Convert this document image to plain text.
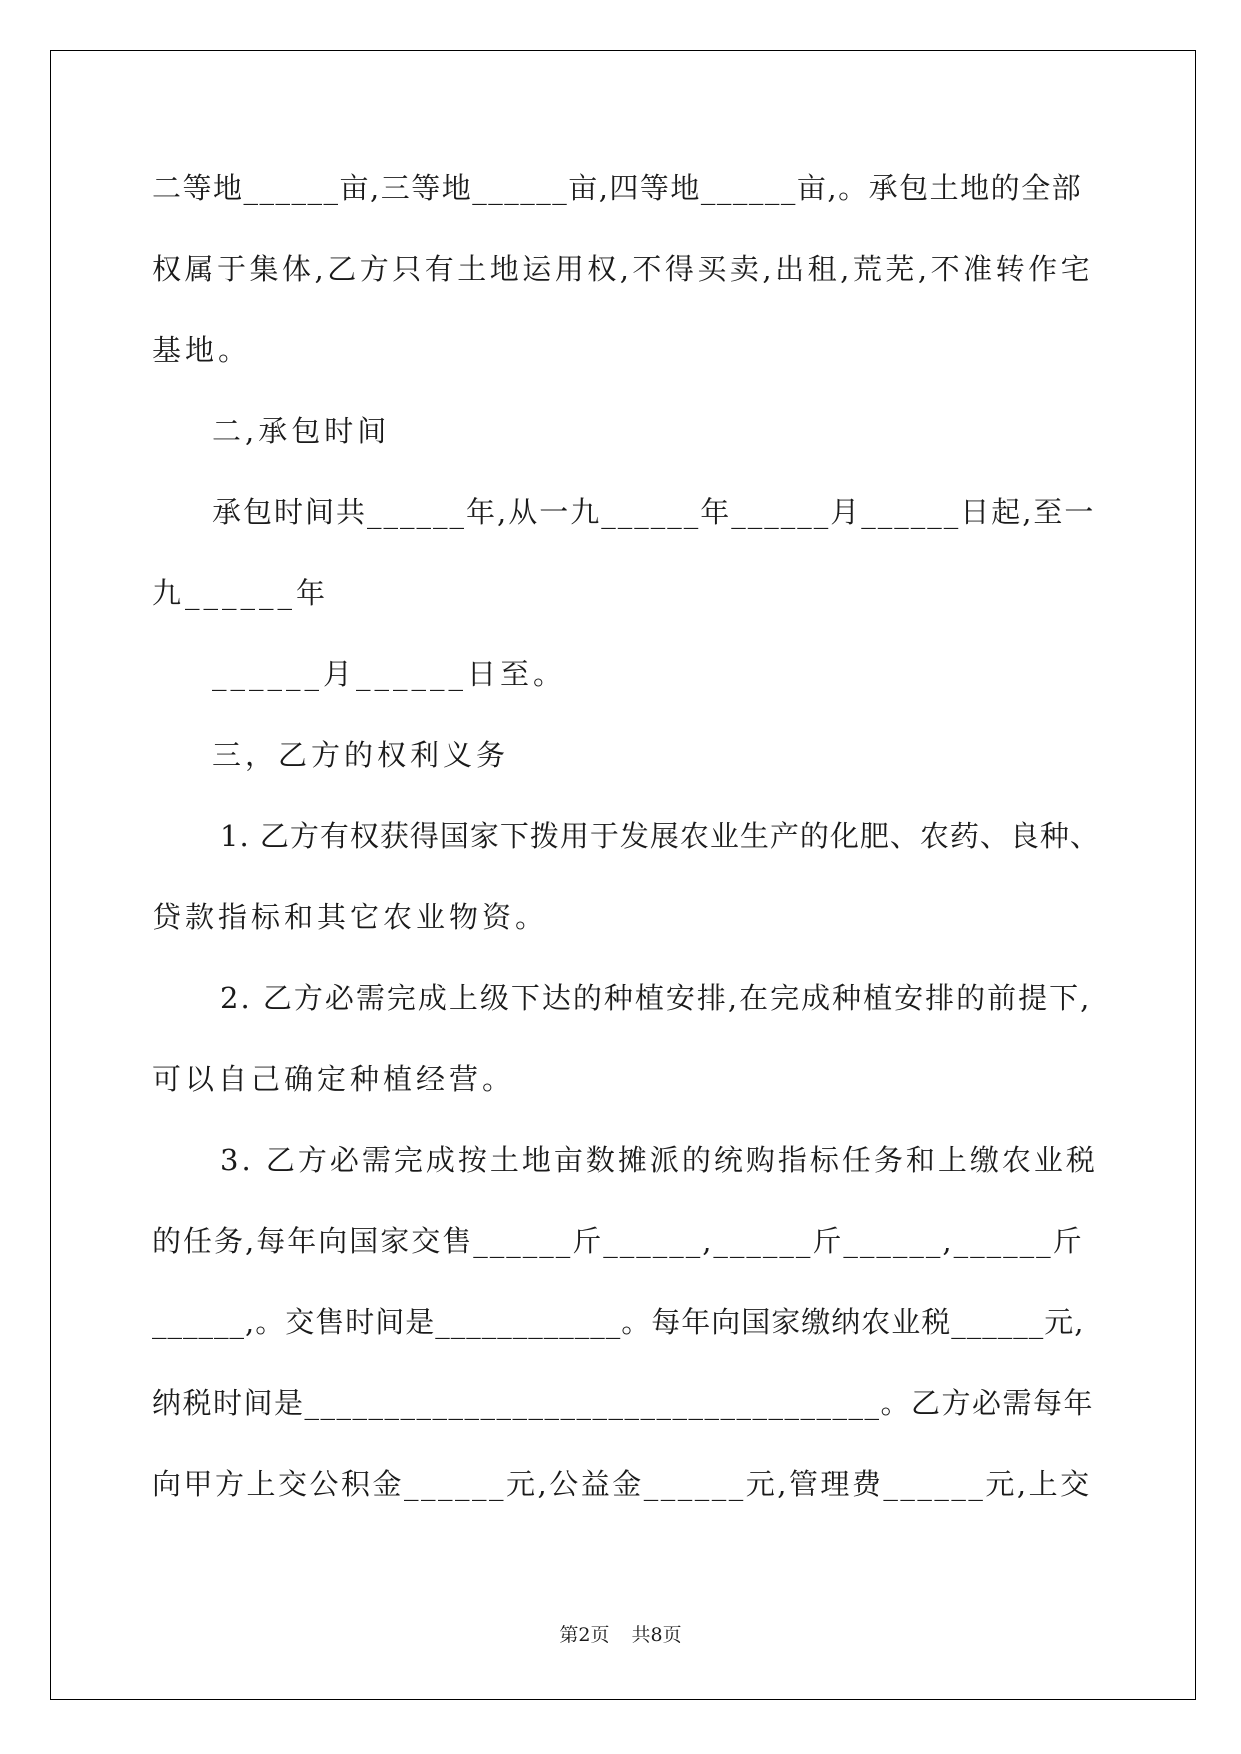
二等地______亩,三等地______亩,四等地______亩,。承包土地的全部
权属于集体,乙方只有土地运用权,不得买卖,出租,荒芜,不准转作宅
基地。
二,承包时间
承包时间共______年,从一九______年______月______日起,至一
九______年
______月______日至。
三，乙方的权利义务
1. 乙方有权获得国家下拨用于发展农业生产的化肥、农药、良种、
贷款指标和其它农业物资。
2. 乙方必需完成上级下达的种植安排,在完成种植安排的前提下,
可以自己确定种植经营。
3. 乙方必需完成按土地亩数摊派的统购指标任务和上缴农业税
的任务,每年向国家交售______斤______,______斤______,______斤
______,。交售时间是____________。每年向国家缴纳农业税______元,
纳税时间是____________________________________。乙方必需每年
向甲方上交公积金______元,公益金______元,管理费______元,上交
第2页 共8页
